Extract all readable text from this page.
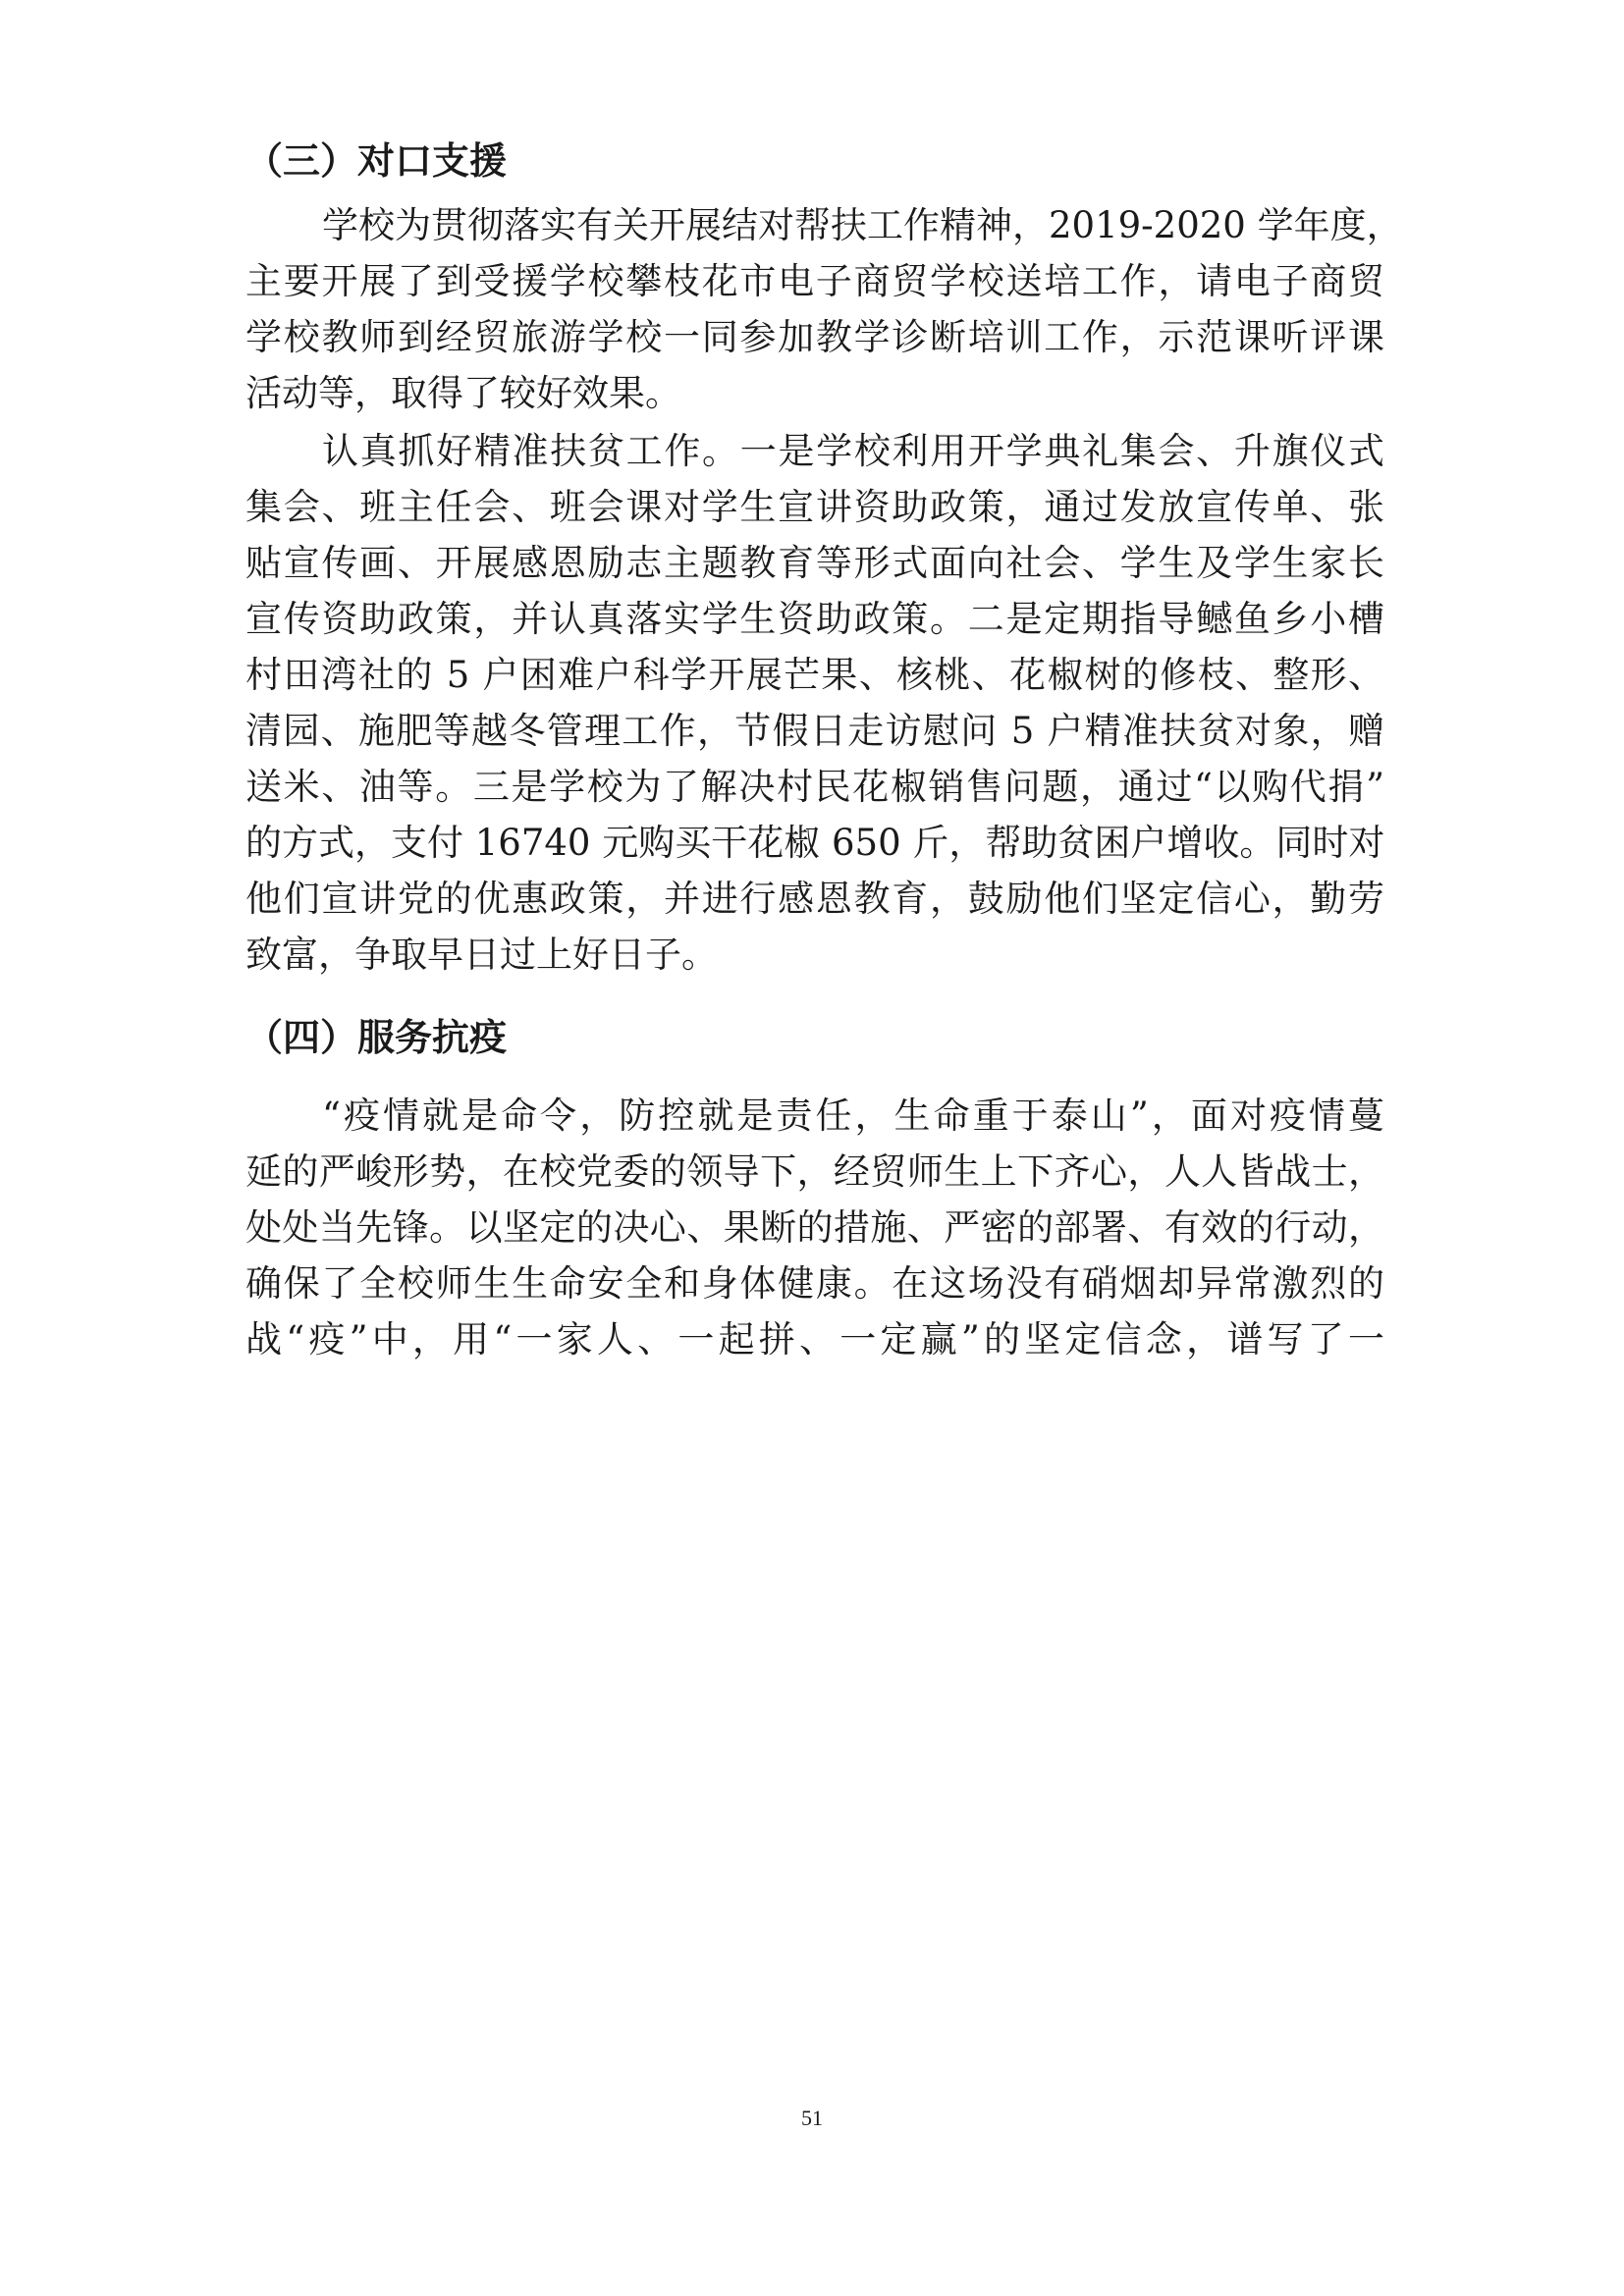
（三）对口支援
学校为贯彻落实有关开展结对帮扶工作精神，2019-2020 学年度，
主要开展了到受援学校攀枝花市电子商贸学校送培工作，请电子商贸
学校教师到经贸旅游学校一同参加教学诊断培训工作，示范课听评课
活动等，取得了较好效果。
认真抓好精准扶贫工作。一是学校利用开学典礼集会、升旗仪式
集会、班主任会、班会课对学生宣讲资助政策，通过发放宣传单、张
贴宣传画、开展感恩励志主题教育等形式面向社会、学生及学生家长
宣传资助政策，并认真落实学生资助政策。二是定期指导鳡鱼乡小槽
村田湾社的 5 户困难户科学开展芒果、核桃、花椒树的修枝、整形、
清园、施肥等越冬管理工作，节假日走访慰问 5 户精准扶贫对象，赠
送米、油等。三是学校为了解决村民花椒销售问题，通过“以购代捐”
的方式，支付 16740 元购买干花椒 650 斤，帮助贫困户增收。同时对
他们宣讲党的优惠政策，并进行感恩教育，鼓励他们坚定信心，勤劳
致富，争取早日过上好日子。
（四）服务抗疫
“疫情就是命令，防控就是责任，生命重于泰山”，面对疫情蔓
延的严峻形势，在校党委的领导下，经贸师生上下齐心，人人皆战士，
处处当先锋。以坚定的决心、果断的措施、严密的部署、有效的行动，
确保了全校师生生命安全和身体健康。在这场没有硝烟却异常激烈的
战“疫”中，用“一家人、一起拼、一定赢”的坚定信念，谱写了一
51
